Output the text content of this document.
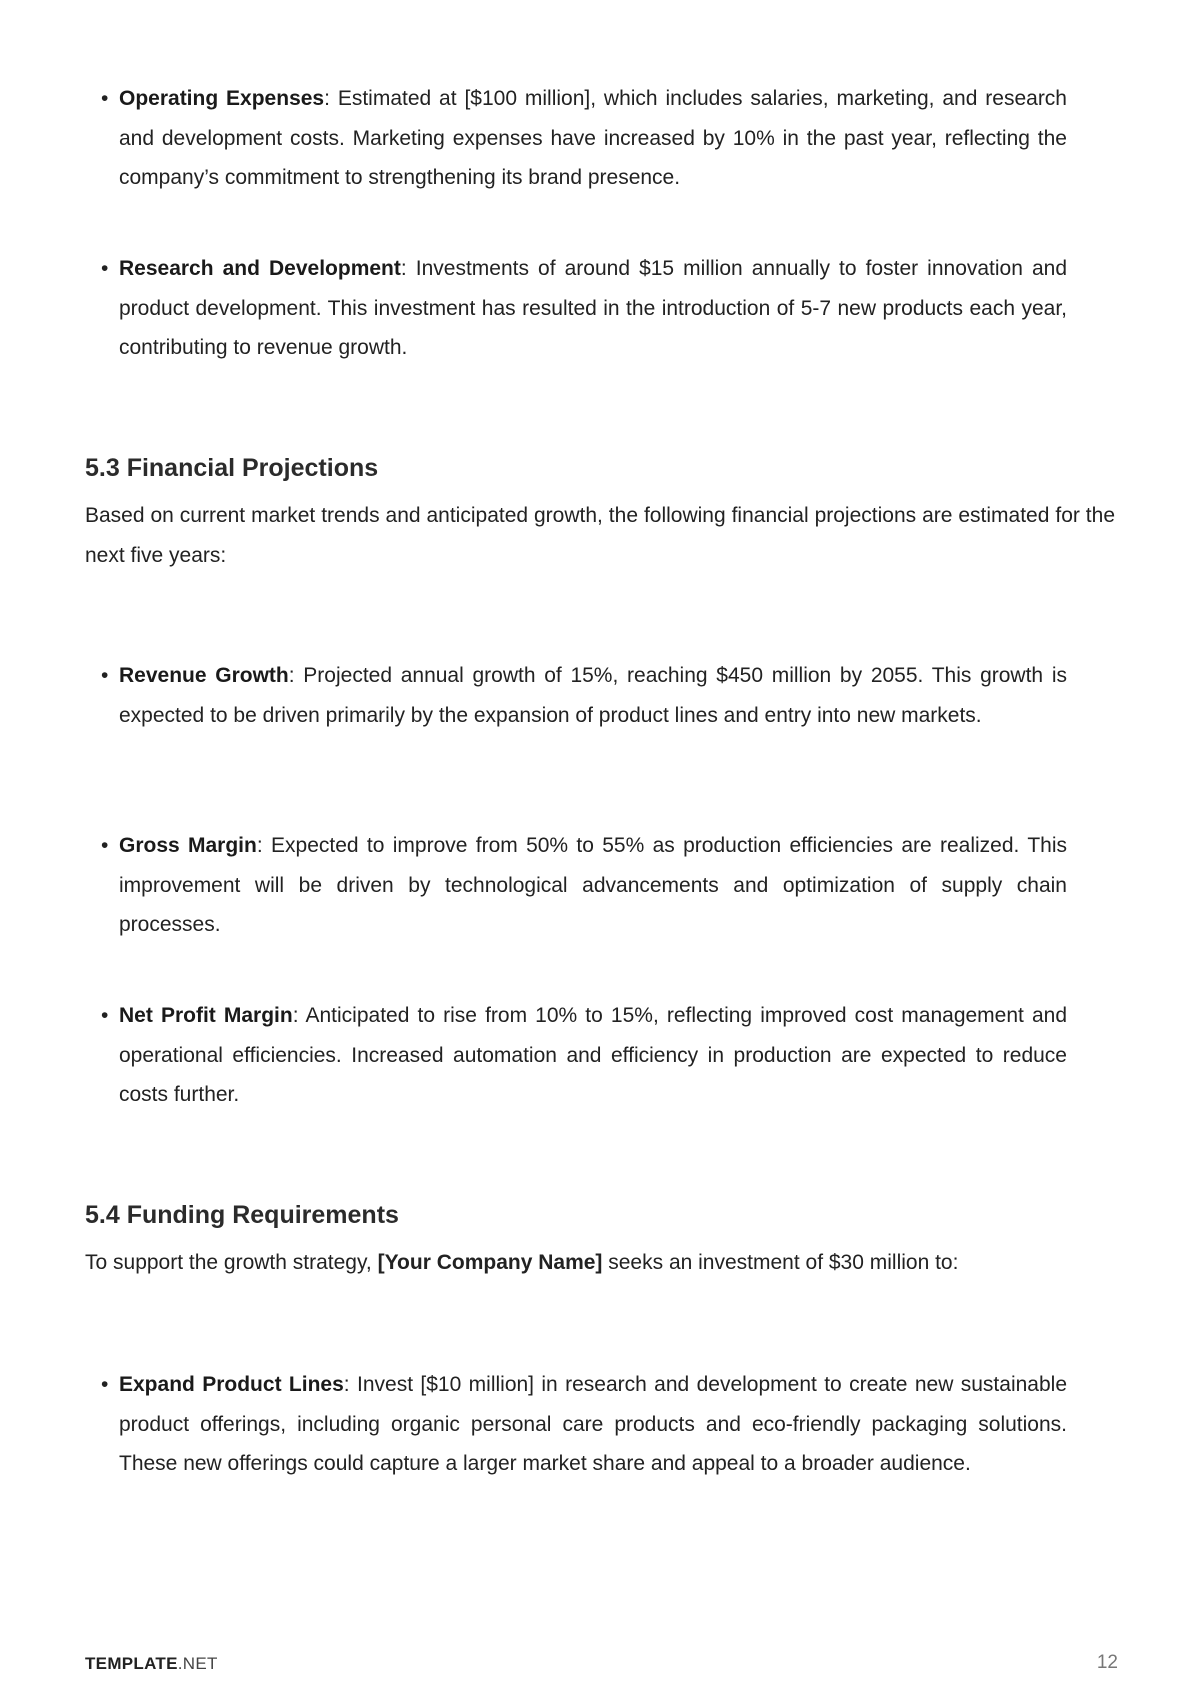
• Operating Expenses: Estimated at [$100 million], which includes salaries, marketing, and research and development costs. Marketing expenses have increased by 10% in the past year, reflecting the company’s commitment to strengthening its brand presence.
• Research and Development: Investments of around $15 million annually to foster innovation and product development. This investment has resulted in the introduction of 5-7 new products each year, contributing to revenue growth.
5.3 Financial Projections

Based on current market trends and anticipated growth, the following financial projections are estimated for the next five years:

• Revenue Growth: Projected annual growth of 15%, reaching $450 million by 2055. This growth is expected to be driven primarily by the expansion of product lines and entry into new markets.
• Gross Margin: Expected to improve from 50% to 55% as production efficiencies are realized. This improvement will be driven by technological advancements and optimization of supply chain processes.
• Net Profit Margin: Anticipated to rise from 10% to 15%, reflecting improved cost management and operational efficiencies. Increased automation and efficiency in production are expected to reduce costs further.
5.4 Funding Requirements

To support the growth strategy, [Your Company Name] seeks an investment of $30 million to:

• Expand Product Lines: Invest [$10 million] in research and development to create new sustainable product offerings, including organic personal care products and eco-friendly packaging solutions. These new offerings could capture a larger market share and appeal to a broader audience.
TEMPLATE.NET	12
